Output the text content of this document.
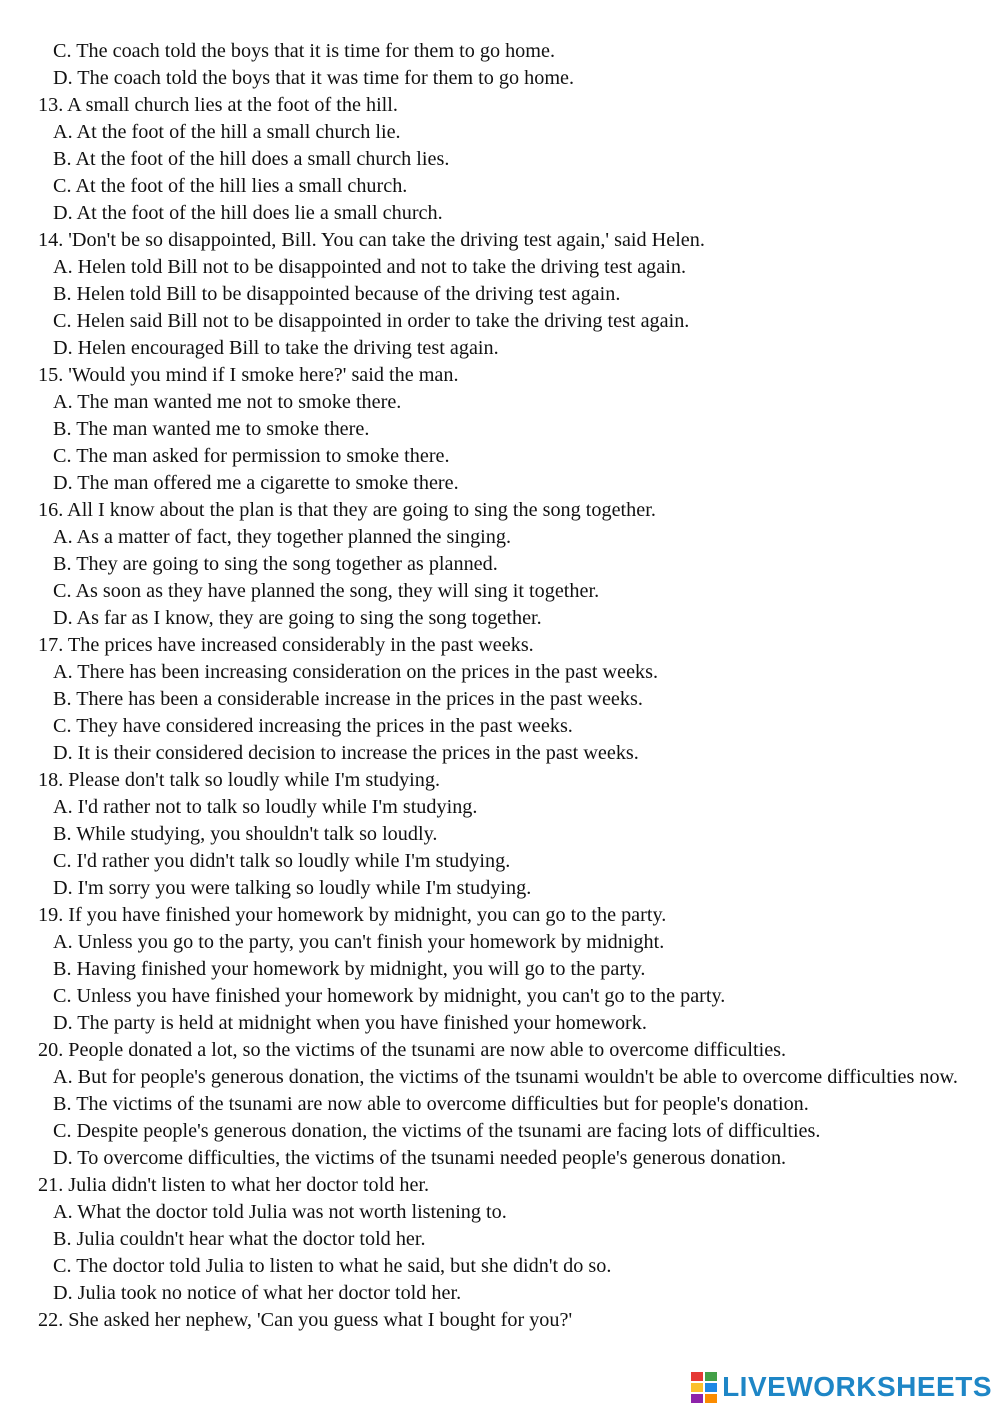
C. The coach told the boys that it is time for them to go home.

D. The coach told the boys that it was time for them to go home.

13. A small church lies at the foot of the hill.

A. At the foot of the hill a small church lie.

B. At the foot of the hill does a small church lies.

C. At the foot of the hill lies a small church.

D. At the foot of the hill does lie a small church.

14. 'Don't be so disappointed, Bill. You can take the driving test again,' said Helen.

A. Helen told Bill not to be disappointed and not to take the driving test again.

B. Helen told Bill to be disappointed because of the driving test again.

C. Helen said Bill not to be disappointed in order to take the driving test again.

D. Helen encouraged Bill to take the driving test again.

15. 'Would you mind if I smoke here?' said the man.

A. The man wanted me not to smoke there.

B. The man wanted me to smoke there.

C. The man asked for permission to smoke there.

D. The man offered me a cigarette to smoke there.

16. All I know about the plan is that they are going to sing the song together.

A. As a matter of fact, they together planned the singing.

B. They are going to sing the song together as planned.

C. As soon as they have planned the song, they will sing it together.

D. As far as I know, they are going to sing the song together.

17. The prices have increased considerably in the past weeks.

A. There has been increasing consideration on the prices in the past weeks.

B. There has been a considerable increase in the prices in the past weeks.

C. They have considered increasing the prices in the past weeks.

D. It is their considered decision to increase the prices in the past weeks.

18. Please don't talk so loudly while I'm studying.

A. I'd rather not to talk so loudly while I'm studying.

B. While studying, you shouldn't talk so loudly.

C. I'd rather you didn't talk so loudly while I'm studying.

D. I'm sorry you were talking so loudly while I'm studying.

19. If you have finished your homework by midnight, you can go to the party.

A. Unless you go to the party, you can't finish your homework by midnight.

B. Having finished your homework by midnight, you will go to the party.

C. Unless you have finished your homework by midnight, you can't go to the party.

D. The party is held at midnight when you have finished your homework.

20. People donated a lot, so the victims of the tsunami are now able to overcome difficulties.

A. But for people's generous donation, the victims of the tsunami wouldn't be able to overcome difficulties now.

B. The victims of the tsunami are now able to overcome difficulties but for people's donation.

C. Despite people's generous donation, the victims of the tsunami are facing lots of difficulties.

D. To overcome difficulties, the victims of the tsunami needed people's generous donation.

21. Julia didn't listen to what her doctor told her.

A. What the doctor told Julia was not worth listening to.

B. Julia couldn't hear what the doctor told her.

C. The doctor told Julia to listen to what he said, but she didn't do so.

D. Julia took no notice of what her doctor told her.

22. She asked her nephew, 'Can you guess what I bought for you?'

LIVEWORKSHEETS
